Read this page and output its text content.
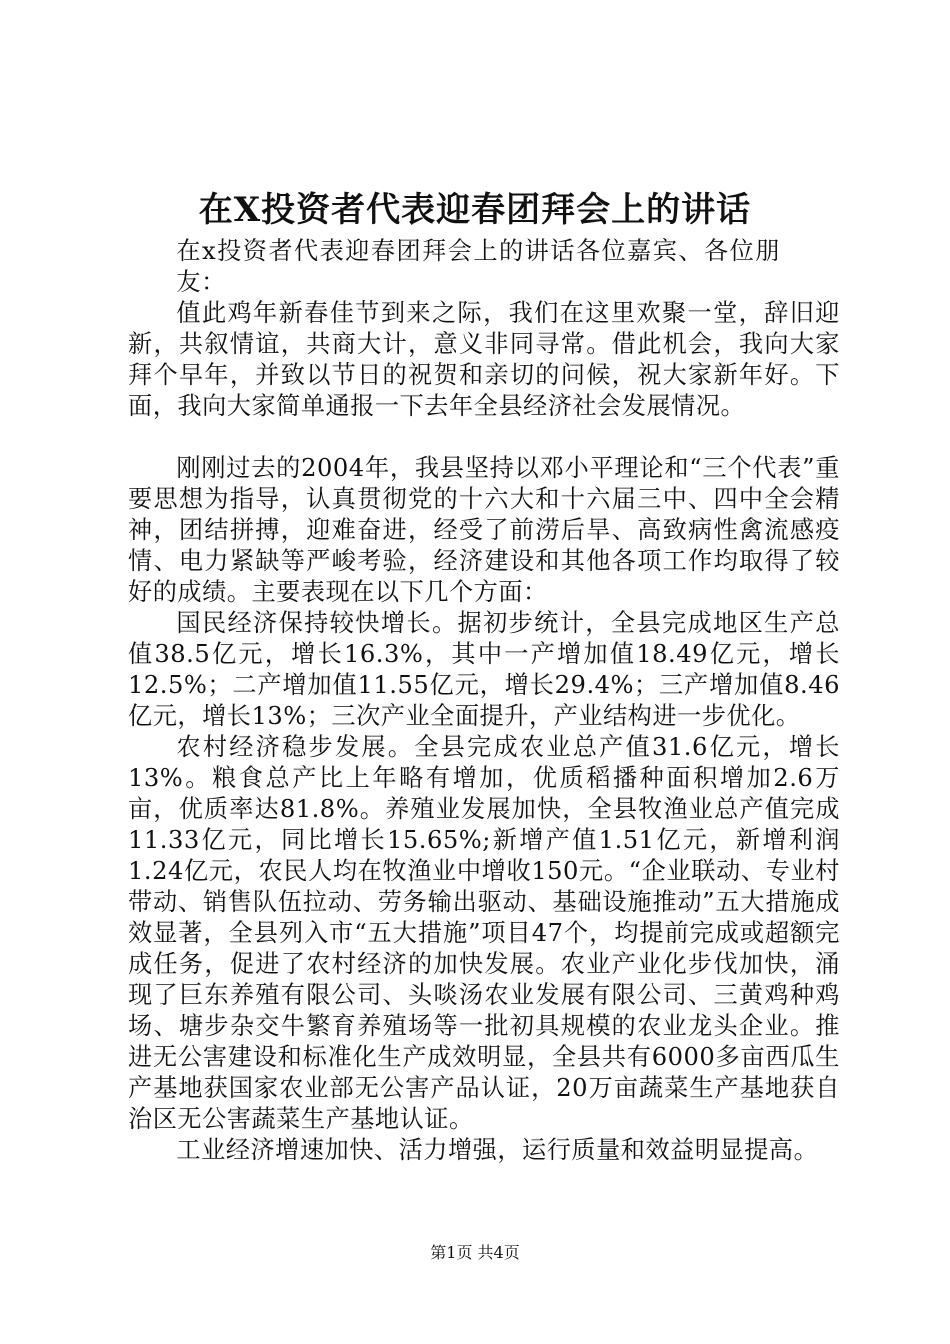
在X投资者代表迎春团拜会上的讲话

在x投资者代表迎春团拜会上的讲话各位嘉宾、各位朋友：

值此鸡年新春佳节到来之际，我们在这里欢聚一堂，辞旧迎新，共叙情谊，共商大计，意义非同寻常。借此机会，我向大家拜个早年，并致以节日的祝贺和亲切的问候，祝大家新年好。下面，我向大家简单通报一下去年全县经济社会发展情况。

刚刚过去的2004年，我县坚持以邓小平理论和“三个代表”重要思想为指导，认真贯彻党的十六大和十六届三中、四中全会精神，团结拼搏，迎难奋进，经受了前涝后旱、高致病性禽流感疫情、电力紧缺等严峻考验，经济建设和其他各项工作均取得了较好的成绩。主要表现在以下几个方面：

国民经济保持较快增长。据初步统计，全县完成地区生产总值38.5亿元，增长16.3%，其中一产增加值18.49亿元，增长12.5%；二产增加值11.55亿元，增长29.4%；三产增加值8.46亿元，增长13%；三次产业全面提升，产业结构进一步优化。

农村经济稳步发展。全县完成农业总产值31.6亿元，增长13%。粮食总产比上年略有增加，优质稻播种面积增加2.6万亩，优质率达81.8%。养殖业发展加快，全县牧渔业总产值完成11.33亿元，同比增长15.65%;新增产值1.51亿元，新增利润1.24亿元，农民人均在牧渔业中增收150元。“企业联动、专业村带动、销售队伍拉动、劳务输出驱动、基础设施推动”五大措施成效显著，全县列入市“五大措施”项目47个，均提前完成或超额完成任务，促进了农村经济的加快发展。农业产业化步伐加快，涌现了巨东养殖有限公司、头啖汤农业发展有限公司、三黄鸡种鸡场、塘步杂交牛繁育养殖场等一批初具规模的农业龙头企业。推进无公害建设和标准化生产成效明显，全县共有6000多亩西瓜生产基地获国家农业部无公害产品认证，20万亩蔬菜生产基地获自治区无公害蔬菜生产基地认证。

工业经济增速加快、活力增强，运行质量和效益明显提高。

第1页 共4页
